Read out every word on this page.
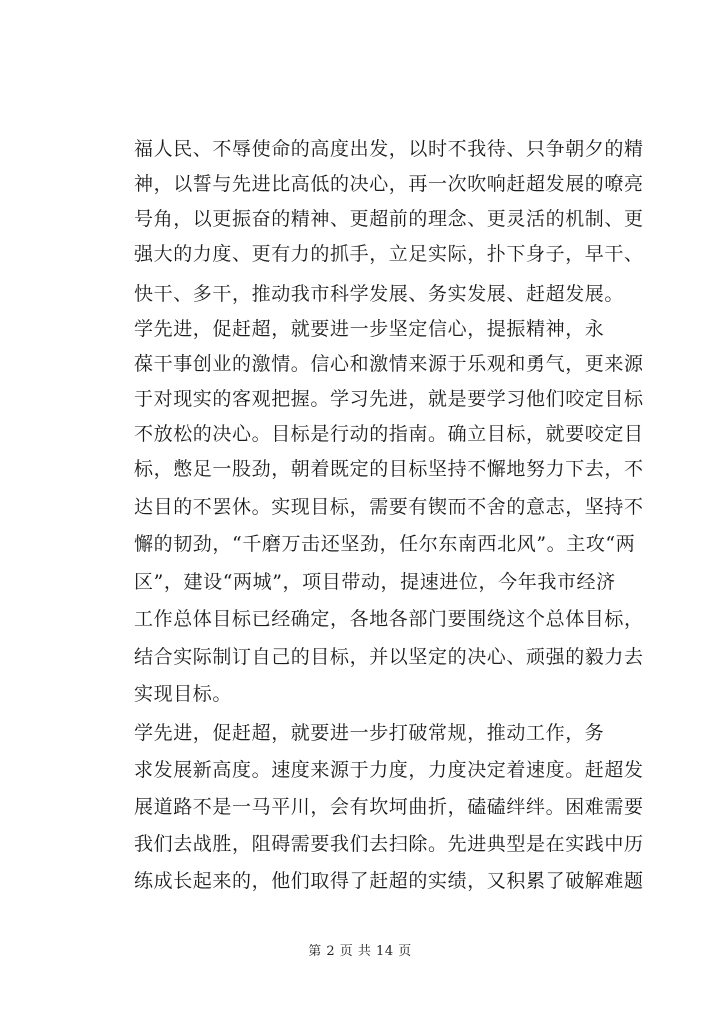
福人民、不辱使命的高度出发，以时不我待、只争朝夕的精
神，以誓与先进比高低的决心，再一次吹响赶超发展的嘹亮
号角，以更振奋的精神、更超前的理念、更灵活的机制、更
强大的力度、更有力的抓手，立足实际，扑下身子，早干、
快干、多干，推动我市科学发展、务实发展、赶超发展。
学先进，促赶超，就要进一步坚定信心，提振精神，永
葆干事创业的激情。信心和激情来源于乐观和勇气，更来源
于对现实的客观把握。学习先进，就是要学习他们咬定目标
不放松的决心。目标是行动的指南。确立目标，就要咬定目
标，憋足一股劲，朝着既定的目标坚持不懈地努力下去，不
达目的不罢休。实现目标，需要有锲而不舍的意志，坚持不
懈的韧劲，“千磨万击还坚劲，任尔东南西北风”。主攻“两
区”，建设“两城”，项目带动，提速进位，今年我市经济
工作总体目标已经确定，各地各部门要围绕这个总体目标，
结合实际制订自己的目标，并以坚定的决心、顽强的毅力去
实现目标。
学先进，促赶超，就要进一步打破常规，推动工作，务
求发展新高度。速度来源于力度，力度决定着速度。赶超发
展道路不是一马平川，会有坎坷曲折，磕磕绊绊。困难需要
我们去战胜，阻碍需要我们去扫除。先进典型是在实践中历
练成长起来的，他们取得了赶超的实绩，又积累了破解难题
第 2 页 共 14 页
